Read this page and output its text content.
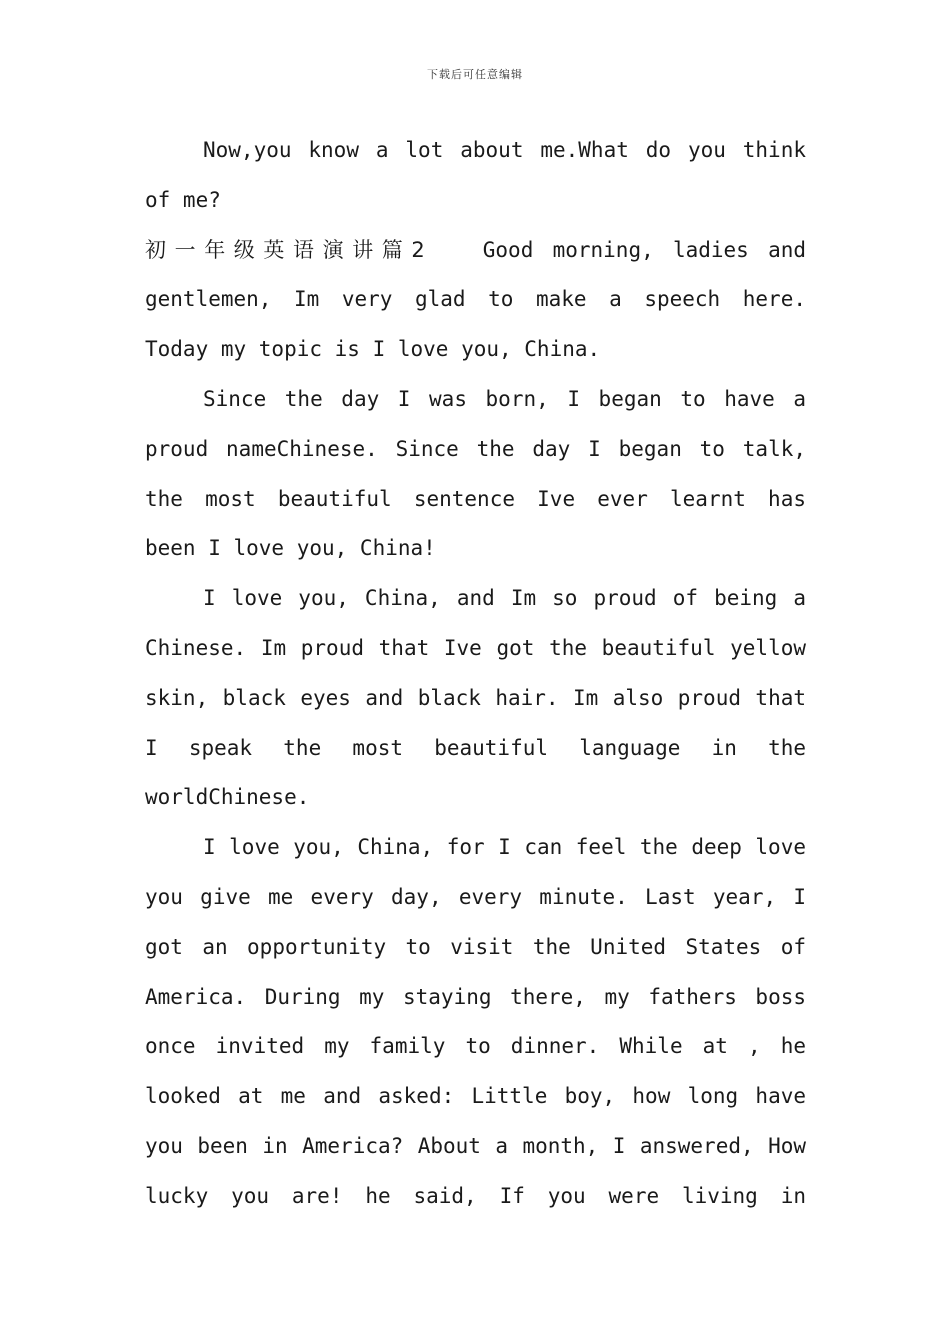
下载后可任意编辑
Now,you know a lot about me.What do you think
of me?
初一年级英语演讲篇2	Good morning, ladies and
gentlemen, Im very glad to make a speech here.
Today my topic is I love you, China.
Since the day I was born, I began to have a
proud nameChinese. Since the day I began to talk,
the most beautiful sentence Ive ever learnt has
been I love you, China!
I love you, China, and Im so proud of being a
Chinese. Im proud that Ive got the beautiful yellow
skin, black eyes and black hair. Im also proud that
I speak the most beautiful language in the
worldChinese.
I love you, China, for I can feel the deep love
you give me every day, every minute. Last year, I
got an opportunity to visit the United States of
America. During my staying there, my fathers boss
once invited my family to dinner. While at , he
looked at me and asked: Little boy, how long have
you been in America? About a month, I answered, How
lucky you are! he said, If you were living in
